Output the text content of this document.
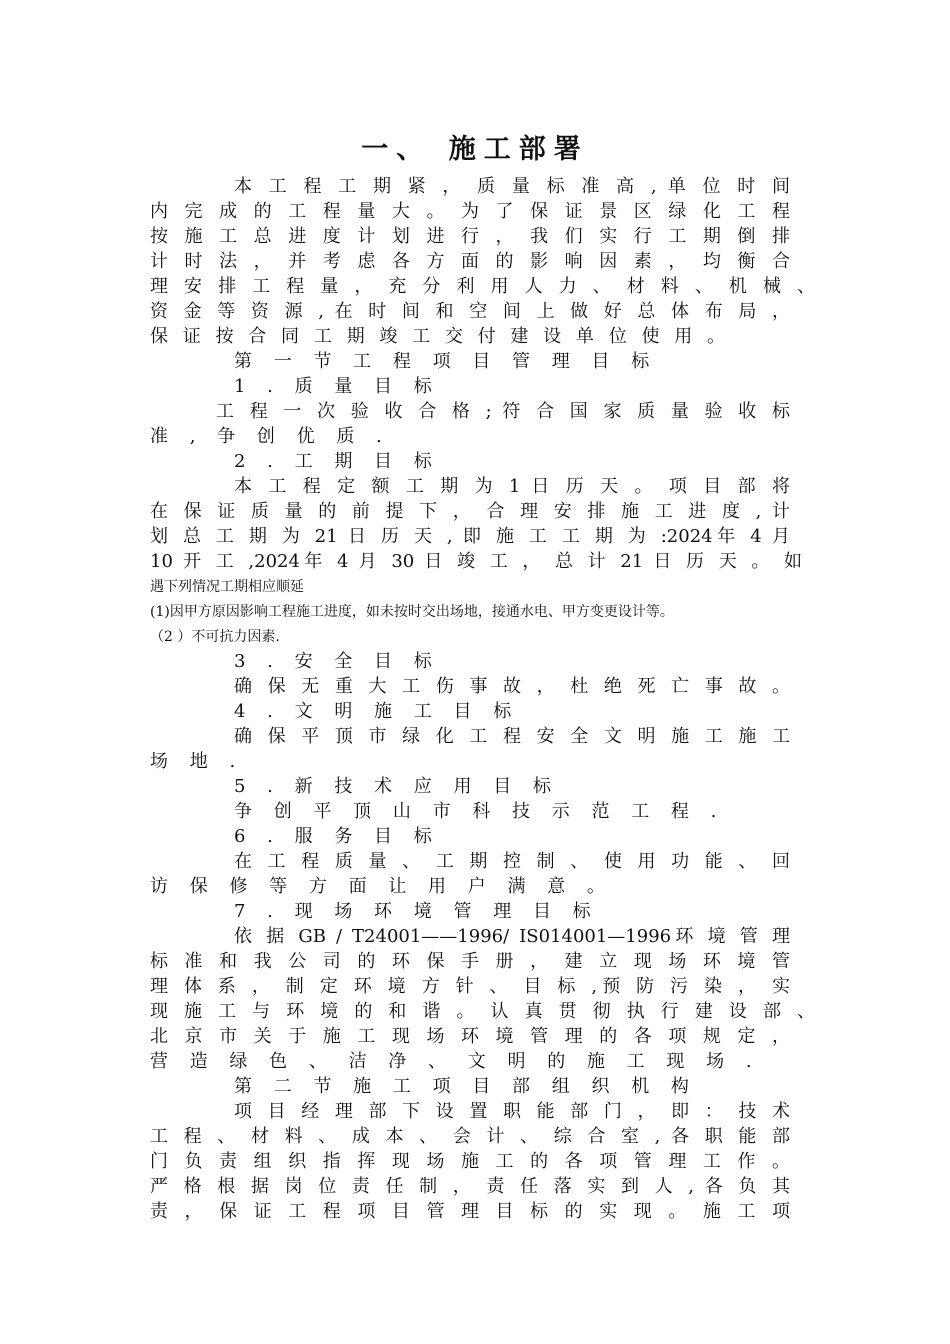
一、 施工部署
本 工 程 工 期 紧 ， 质 量 标 准 高 , 单 位 时 间
内 完 成 的 工 程 量 大 。 为 了 保 证 景 区 绿 化 工 程
按 施 工 总 进 度 计 划 进 行 ， 我 们 实 行 工 期 倒 排
计 时 法 ， 并 考 虑 各 方 面 的 影 响 因 素 ， 均 衡 合
理 安 排 工 程 量 ， 充 分 利 用 人 力 、 材 料 、 机 械 、
资 金 等 资 源 , 在 时 间 和 空 间 上 做 好 总 体 布 局 ，
保 证 按 合 同 工 期 竣 工 交 付 建 设 单 位 使 用 。
第 一 节 工 程 项 目 管 理 目 标
1 . 质 量 目 标
工 程 一 次 验 收 合 格 ; 符 合 国 家 质 量 验 收 标
准 , 争 创 优 质 .
2 . 工 期 目 标
本 工 程 定 额 工 期 为 1 日 历 天 。 项 目 部 将
在 保 证 质 量 的 前 提 下 ， 合 理 安 排 施 工 进 度 , 计
划 总 工 期 为 21 日 历 天 , 即 施 工 工 期 为 :2024年 4 月
10 开 工 ,2024年 4 月 30 日 竣 工 ， 总 计 21 日 历 天 。 如
遇下列情况工期相应顺延
(1)因甲方原因影响工程施工进度，如未按时交出场地，接通水电、甲方变更设计等。
（2 ）不可抗力因素.
3 . 安 全 目 标
确 保 无 重 大 工 伤 事 故 ， 杜 绝 死 亡 事 故 。
4 . 文 明 施 工 目 标
确 保 平 顶 市 绿 化 工 程 安 全 文 明 施 工 施 工
场 地 .
5 . 新 技 术 应 用 目 标
争 创 平 顶 山 市 科 技 示 范 工 程 .
6 . 服 务 目 标
在 工 程 质 量 、 工 期 控 制 、 使 用 功 能 、 回
访 保 修 等 方 面 让 用 户 满 意 。
7 . 现 场 环 境 管 理 目 标
依 据 GB / T24001——1996/ IS014001—1996环 境 管 理
标 准 和 我 公 司 的 环 保 手 册 ， 建 立 现 场 环 境 管
理 体 系 ， 制 定 环 境 方 针 、 目 标 ,预 防 污 染 ， 实
现 施 工 与 环 境 的 和 谐 。 认 真 贯 彻 执 行 建 设 部 、
北 京 市 关 于 施 工 现 场 环 境 管 理 的 各 项 规 定 ，
营 造 绿 色 、 洁 净 、 文 明 的 施 工 现 场 .
第 二 节 施 工 项 目 部 组 织 机 构
项 目 经 理 部 下 设 置 职 能 部 门 ， 即 ： 技 术
工 程 、 材 料 、 成 本 、 会 计 、 综 合 室 , 各 职 能 部
门 负 责 组 织 指 挥 现 场 施 工 的 各 项 管 理 工 作 。
严 格 根 据 岗 位 责 任 制 ， 责 任 落 实 到 人 , 各 负 其
责 ， 保 证 工 程 项 目 管 理 目 标 的 实 现 。 施 工 项
